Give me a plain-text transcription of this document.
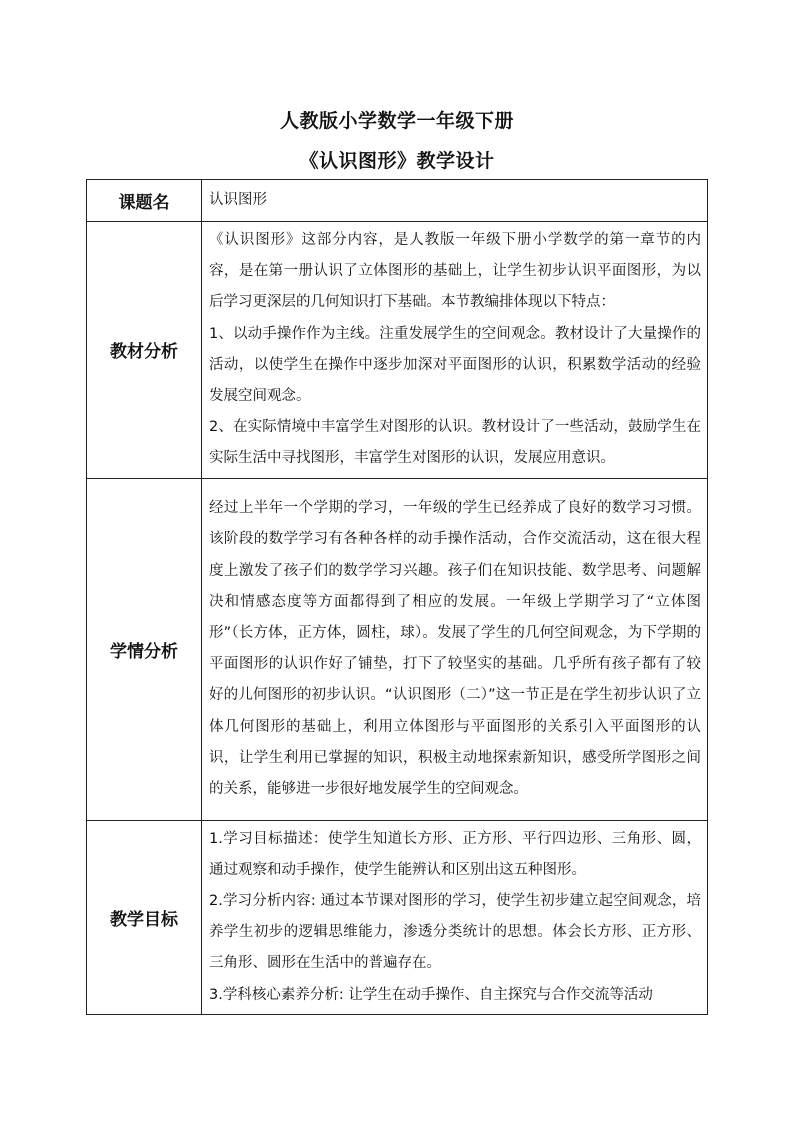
人教版小学数学一年级下册
《认识图形》教学设计
课题名	认识图形

教材分析	《认识图形》这部分内容，是人教版一年级下册小学数学的第一章节的内容，是在第一册认识了立体图形的基础上，让学生初步认识平面图形，为以后学习更深层的几何知识打下基础。本节教编排体现以下特点：

1、以动手操作作为主线。注重发展学生的空间观念。教材设计了大量操作的活动，以使学生在操作中逐步加深对平面图形的认识，积累数学活动的经验发展空间观念。

2、在实际情境中丰富学生对图形的认识。教材设计了一些活动，鼓励学生在实际生活中寻找图形，丰富学生对图形的认识，发展应用意识。

学情分析	经过上半年一个学期的学习，一年级的学生已经养成了良好的数学习习惯。该阶段的数学学习有各种各样的动手操作活动，合作交流活动，这在很大程度上激发了孩子们的数学学习兴趣。孩子们在知识技能、数学思考、问题解决和情感态度等方面都得到了相应的发展。一年级上学期学习了“立体图形”（长方体，正方体，圆柱，球）。发展了学生的几何空间观念，为下学期的平面图形的认识作好了铺垫，打下了较坚实的基础。几乎所有孩子都有了较好的儿何图形的初步认识。“认识图形（二）”这一节正是在学生初步认识了立体几何图形的基础上，利用立体图形与平面图形的关系引入平面图形的认识，让学生利用已掌握的知识，积极主动地探索新知识，感受所学图形之间的关系，能够进一步很好地发展学生的空间观念。

教学目标	1.学习目标描述：使学生知道长方形、正方形、平行四边形、三角形、圆，通过观察和动手操作，使学生能辨认和区别出这五种图形。

2.学习分析内容: 通过本节课对图形的学习，使学生初步建立起空间观念，培养学生初步的逻辑思维能力，渗透分类统计的思想。体会长方形、正方形、三角形、圆形在生活中的普遍存在。

3.学科核心素养分析: 让学生在动手操作、自主探究与合作交流等活动
